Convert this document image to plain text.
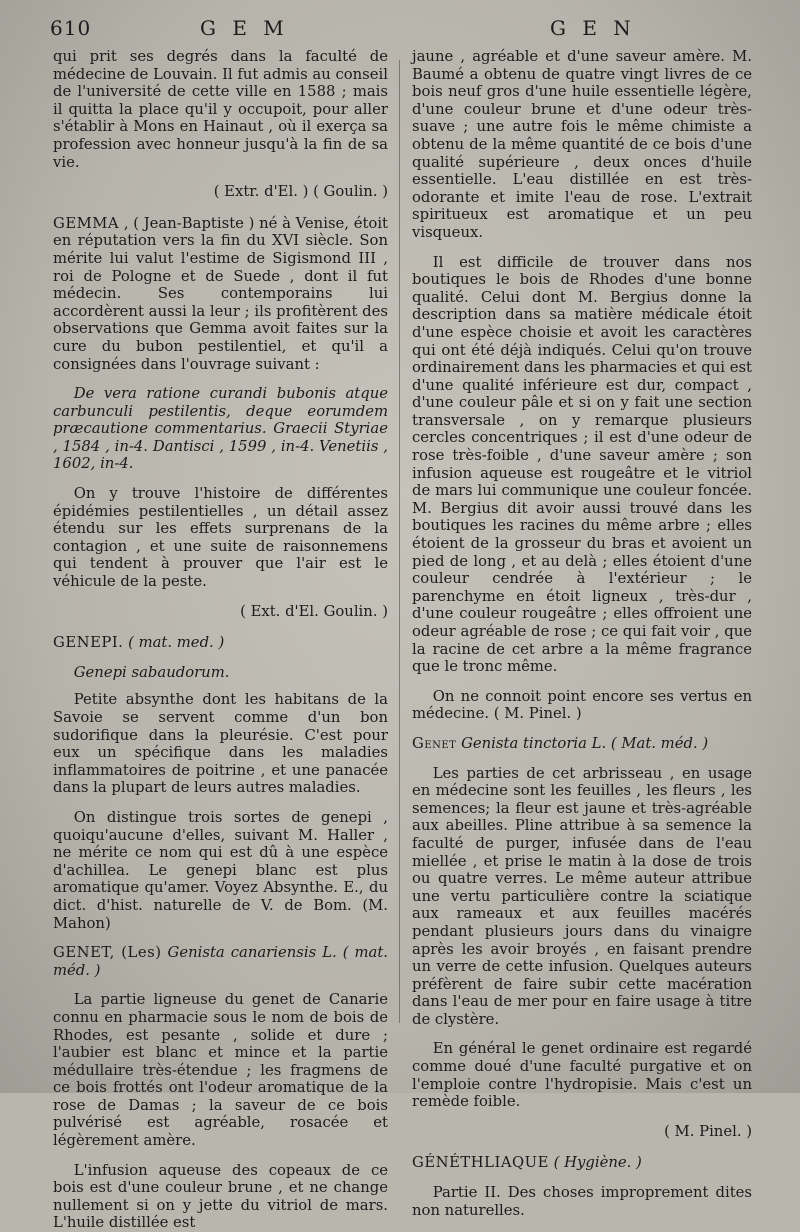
610	G E M	G E N

qui prit ses degrés dans la faculté de médecine de Louvain. Il fut admis au conseil de l'université de cette ville en 1588 ; mais il quitta la place qu'il y occupoit, pour aller s'établir à Mons en Hainaut , où il exerça sa profession avec honneur jusqu'à la fin de sa vie.

( Extr. d'El. ) ( Goulin. )

GEMMA , ( Jean-Baptiste ) né à Venise, étoit en réputation vers la fin du XVI siècle. Son mérite lui valut l'estime de Sigismond III , roi de Pologne et de Suede , dont il fut médecin. Ses contemporains lui accordèrent aussi la leur ; ils profitèrent des observations que Gemma avoit faites sur la cure du bubon pestilentiel, et qu'il a consignées dans l'ouvrage suivant :

De vera ratione curandi bubonis atque carbunculi pestilentis, deque eorumdem præcautione commentarius. Graecii Styriae , 1584 , in-4. Dantisci , 1599 , in-4. Venetiis , 1602, in-4.

On y trouve l'histoire de différentes épidémies pestilentielles , un détail assez étendu sur les effets surprenans de la contagion , et une suite de raisonnemens qui tendent à prouver que l'air est le véhicule de la peste.

( Ext. d'El. Goulin. )

GENEPI. ( mat. med. )

Genepi sabaudorum.

Petite absynthe dont les habitans de la Savoie se servent comme d'un bon sudorifique dans la pleurésie. C'est pour eux un spécifique dans les maladies inflammatoires de poitrine , et une panacée dans la plupart de leurs autres maladies.

On distingue trois sortes de genepi , quoiqu'aucune d'elles, suivant M. Haller , ne mérite ce nom qui est dû à une espèce d'achillea. Le genepi blanc est plus aromatique qu'amer. Voyez Absynthe. E., du dict. d'hist. naturelle de V. de Bom. (M. Mahon)

GENET, (Les) Genista canariensis L. ( mat. méd. )

La partie ligneuse du genet de Canarie connu en pharmacie sous le nom de bois de Rhodes, est pesante , solide et dure ; l'aubier est blanc et mince et la partie médullaire très-étendue ; les fragmens de ce bois frottés ont l'odeur aromatique de la rose de Damas ; la saveur de ce bois pulvérisé est agréable, rosacée et légèrement amère.

L'infusion aqueuse des copeaux de ce bois est d'une couleur brune , et ne change nullement si on y jette du vitriol de mars. L'huile distillée est

jaune , agréable et d'une saveur amère. M. Baumé a obtenu de quatre vingt livres de ce bois neuf gros d'une huile essentielle légère, d'une couleur brune et d'une odeur très-suave ; une autre fois le même chimiste a obtenu de la même quantité de ce bois d'une qualité supérieure , deux onces d'huile essentielle. L'eau distillée en est très-odorante et imite l'eau de rose. L'extrait spiritueux est aromatique et un peu visqueux.

Il est difficile de trouver dans nos boutiques le bois de Rhodes d'une bonne qualité. Celui dont M. Bergius donne la description dans sa matière médicale étoit d'une espèce choisie et avoit les caractères qui ont été déjà indiqués. Celui qu'on trouve ordinairement dans les pharmacies et qui est d'une qualité inférieure est dur, compact , d'une couleur pâle et si on y fait une section transversale , on y remarque plusieurs cercles concentriques ; il est d'une odeur de rose très-foible , d'une saveur amère ; son infusion aqueuse est rougeâtre et le vitriol de mars lui communique une couleur foncée. M. Bergius dit avoir aussi trouvé dans les boutiques les racines du même arbre ; elles étoient de la grosseur du bras et avoient un pied de long , et au delà ; elles étoient d'une couleur cendrée à l'extérieur ; le parenchyme en étoit ligneux , très-dur , d'une couleur rougeâtre ; elles offroient une odeur agréable de rose ; ce qui fait voir , que la racine de cet arbre a la même fragrance que le tronc même.

On ne connoit point encore ses vertus en médecine. ( M. Pinel. )

Genet Genista tinctoria L. ( Mat. méd. )

Les parties de cet arbrisseau , en usage en médecine sont les feuilles , les fleurs , les semences; la fleur est jaune et très-agréable aux abeilles. Pline attribue à sa semence la faculté de purger, infusée dans de l'eau miellée , et prise le matin à la dose de trois ou quatre verres. Le même auteur attribue une vertu particulière contre la sciatique aux rameaux et aux feuilles macérés pendant plusieurs jours dans du vinaigre après les avoir broyés , en faisant prendre un verre de cette infusion. Quelques auteurs préfèrent de faire subir cette macération dans l'eau de mer pour en faire usage à titre de clystère.

En général le genet ordinaire est regardé comme doué d'une faculté purgative et on l'emploie contre l'hydropisie. Mais c'est un remède foible.

( M. Pinel. )

GÉNÉTHLIAQUE ( Hygiène. )

Partie II. Des choses improprement dites non naturelles.
